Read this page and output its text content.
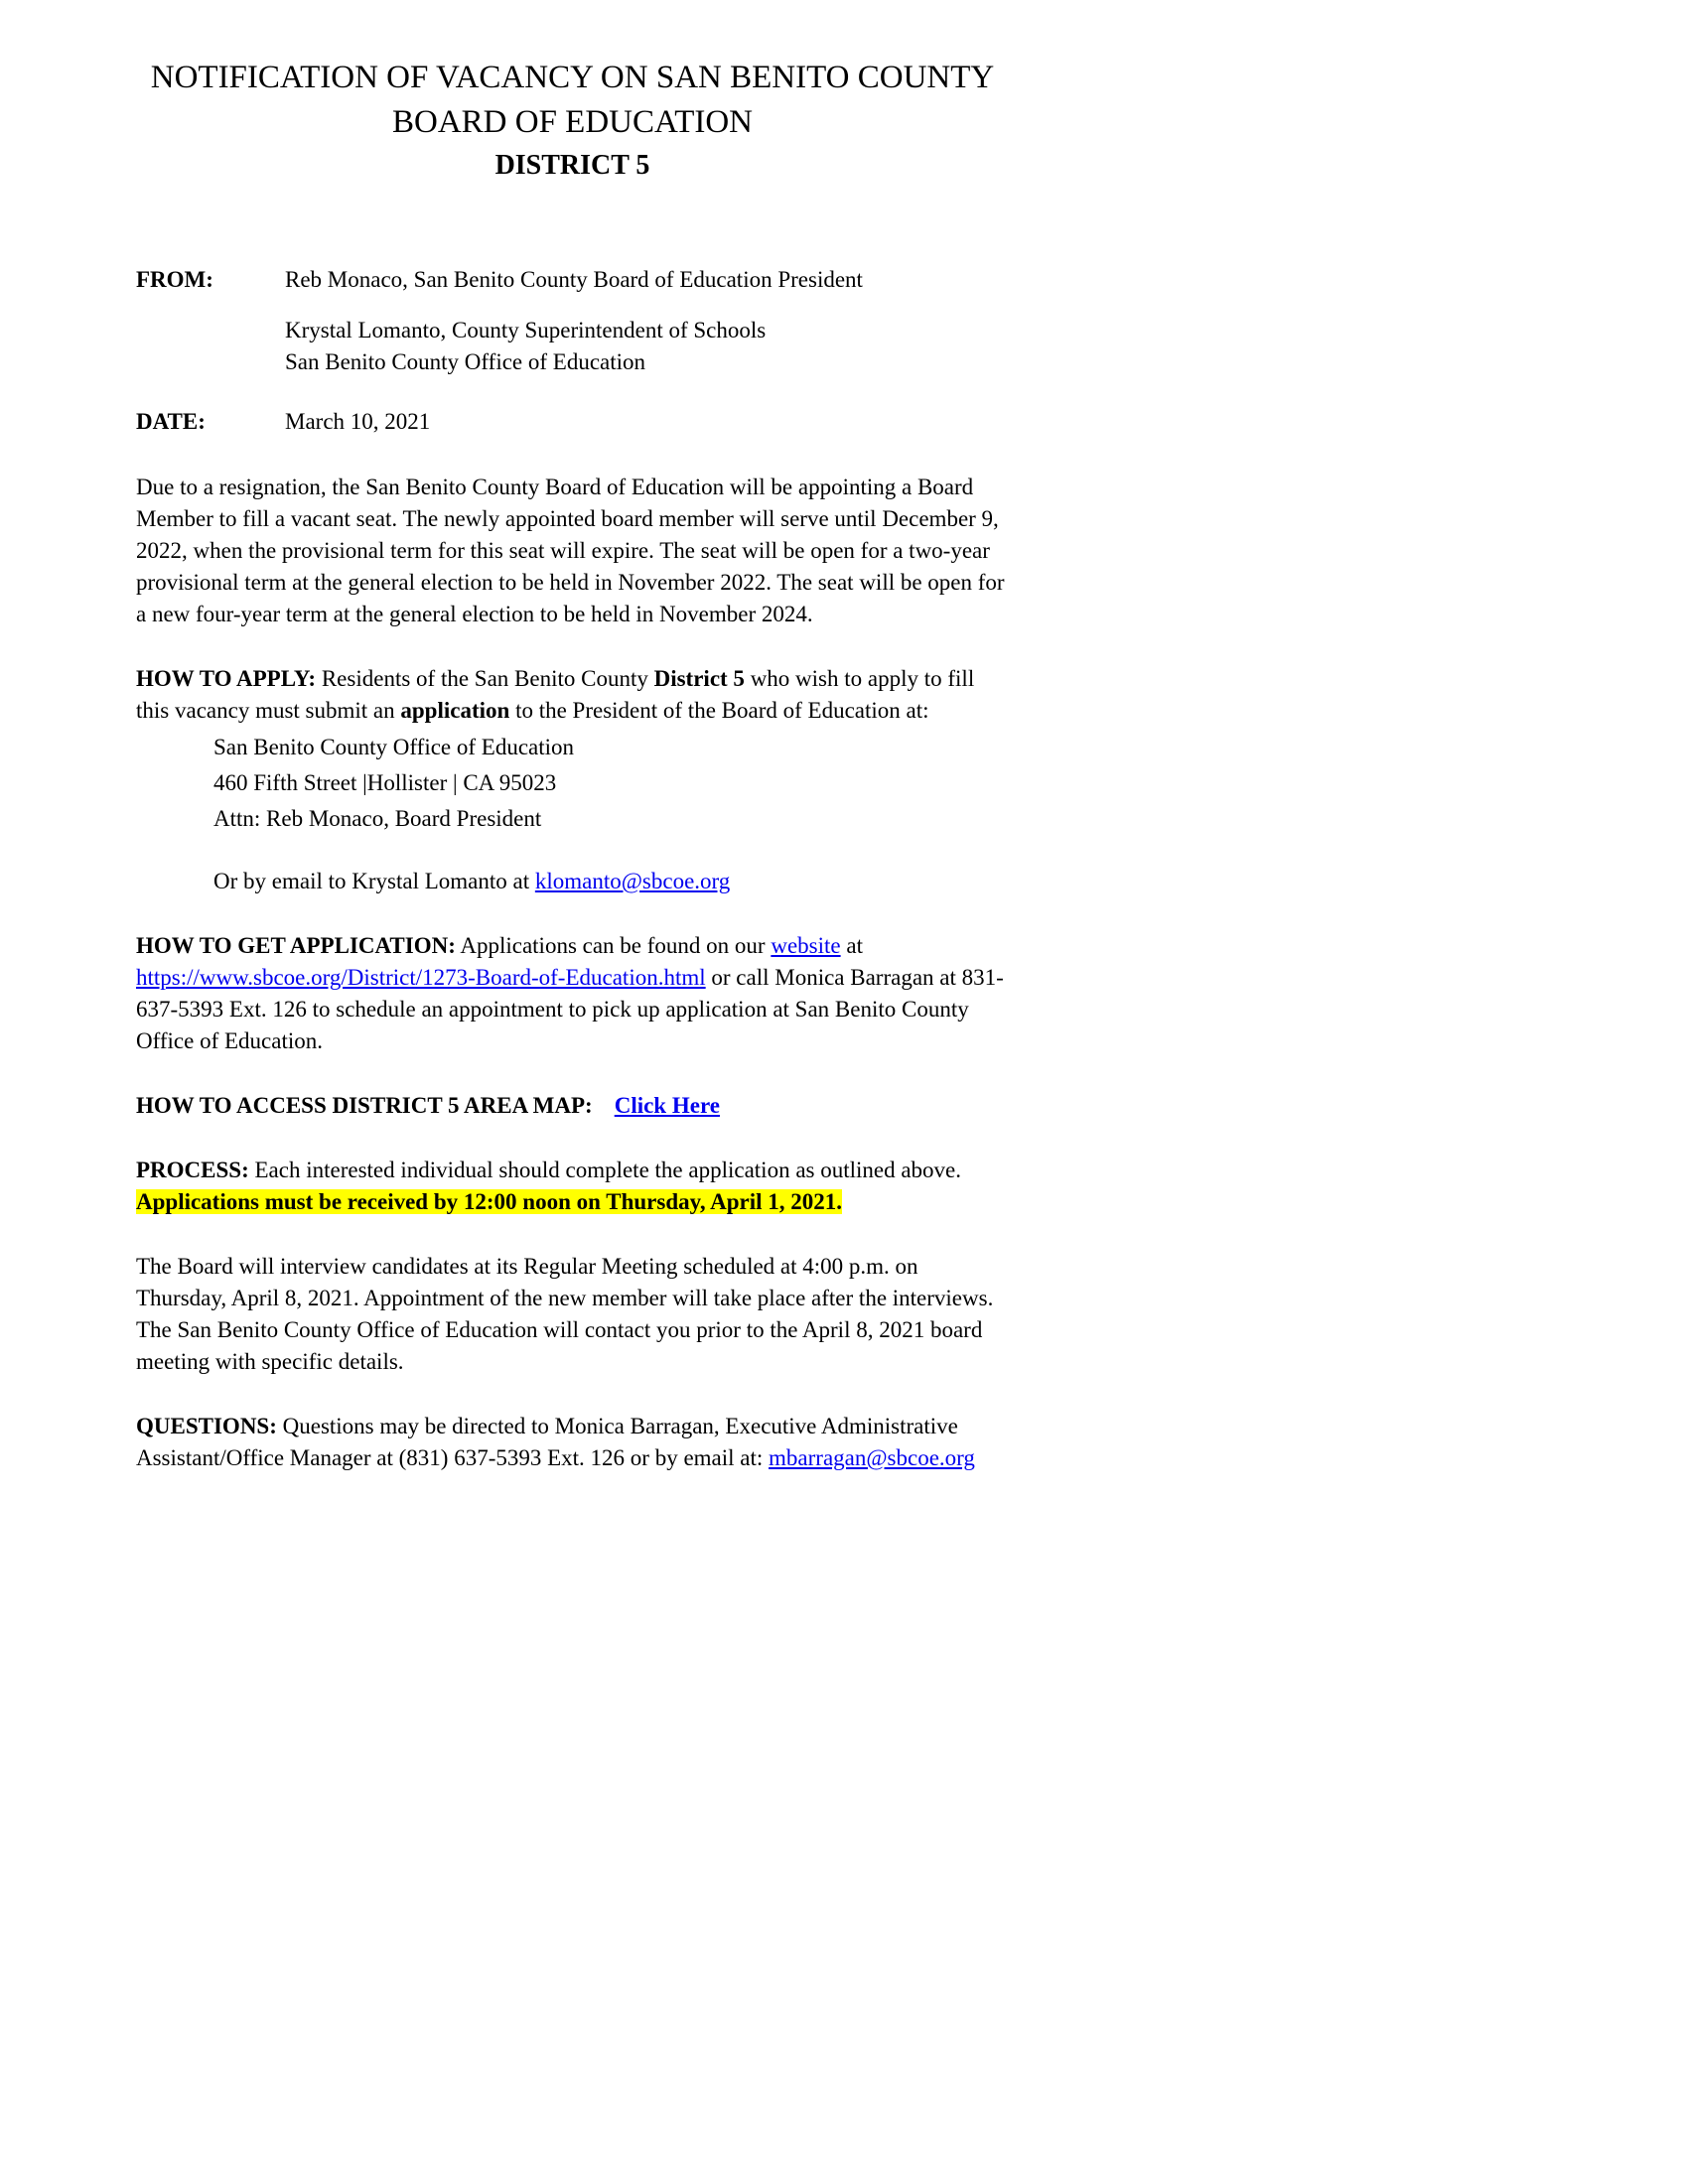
NOTIFICATION OF VACANCY ON SAN BENITO COUNTY
BOARD OF EDUCATION
DISTRICT 5
FROM:	Reb Monaco, San Benito County Board of Education President
Krystal Lomanto, County Superintendent of Schools
San Benito County Office of Education
DATE:	March 10, 2021

Due to a resignation, the San Benito County Board of Education will be appointing a Board Member to fill a vacant seat. The newly appointed board member will serve until December 9, 2022, when the provisional term for this seat will expire. The seat will be open for a two-year provisional term at the general election to be held in November 2022. The seat will be open for a new four-year term at the general election to be held in November 2024.

HOW TO APPLY: Residents of the San Benito County District 5 who wish to apply to fill this vacancy must submit an application to the President of the Board of Education at:

San Benito County Office of Education
460 Fifth Street |Hollister | CA 95023
Attn: Reb Monaco, Board President
Or by email to Krystal Lomanto at klomanto@sbcoe.org

HOW TO GET APPLICATION: Applications can be found on our website at https://www.sbcoe.org/District/1273-Board-of-Education.html or call Monica Barragan at 831-637-5393 Ext. 126 to schedule an appointment to pick up application at San Benito County Office of Education.

HOW TO ACCESS DISTRICT 5 AREA MAP: Click Here

PROCESS: Each interested individual should complete the application as outlined above.
Applications must be received by 12:00 noon on Thursday, April 1, 2021.

The Board will interview candidates at its Regular Meeting scheduled at 4:00 p.m. on Thursday, April 8, 2021. Appointment of the new member will take place after the interviews. The San Benito County Office of Education will contact you prior to the April 8, 2021 board meeting with specific details.

QUESTIONS: Questions may be directed to Monica Barragan, Executive Administrative Assistant/Office Manager at (831) 637-5393 Ext. 126 or by email at: mbarragan@sbcoe.org
